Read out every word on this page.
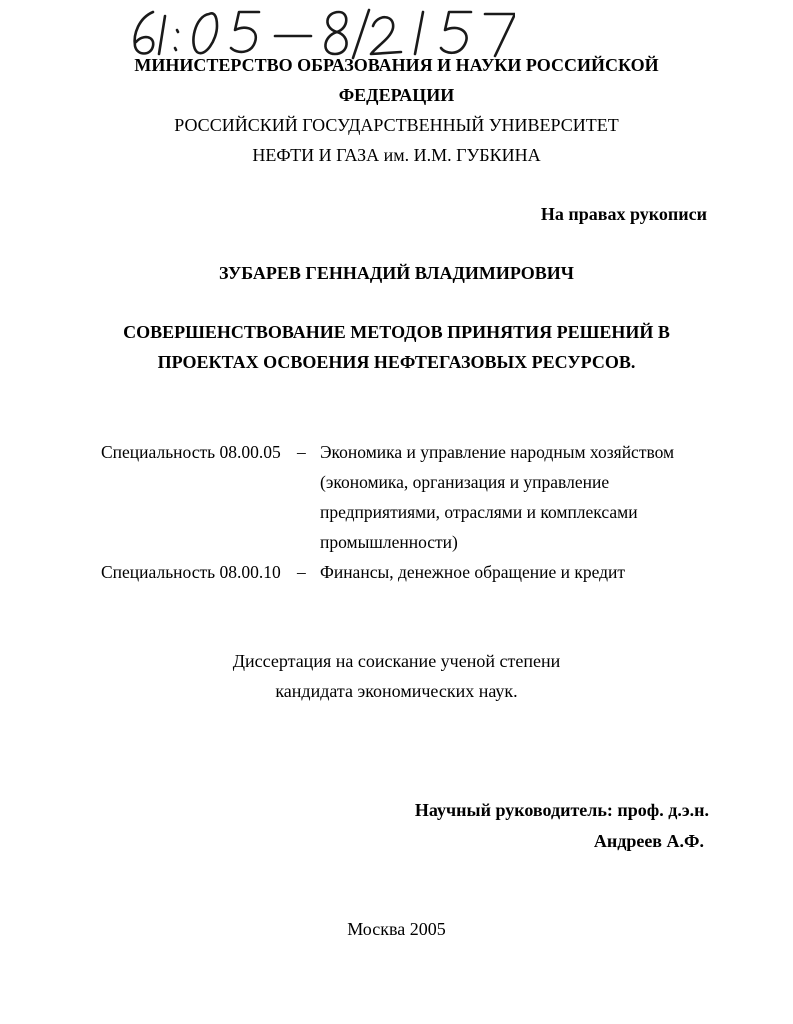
МИНИСТЕРСТВО ОБРАЗОВАНИЯ И НАУКИ РОССИЙСКОЙ
ФЕДЕРАЦИИ
РОССИЙСКИЙ ГОСУДАРСТВЕННЫЙ УНИВЕРСИТЕТ
НЕФТИ И ГАЗА им. И.М. ГУБКИНА
На правах рукописи
ЗУБАРЕВ ГЕННАДИЙ ВЛАДИМИРОВИЧ
СОВЕРШЕНСТВОВАНИЕ МЕТОДОВ ПРИНЯТИЯ РЕШЕНИЙ В
ПРОЕКТАХ ОСВОЕНИЯ НЕФТЕГАЗОВЫХ РЕСУРСОВ.
Специальность 08.00.05 – Экономика и управление народным хозяйством
(экономика, организация и управление
предприятиями, отраслями и комплексами
промышленности)
Специальность 08.00.10 – Финансы, денежное обращение и кредит
Диссертация на соискание ученой степени
кандидата экономических наук.
Научный руководитель: проф. д.э.н.
Андреев А.Ф.
Москва 2005
